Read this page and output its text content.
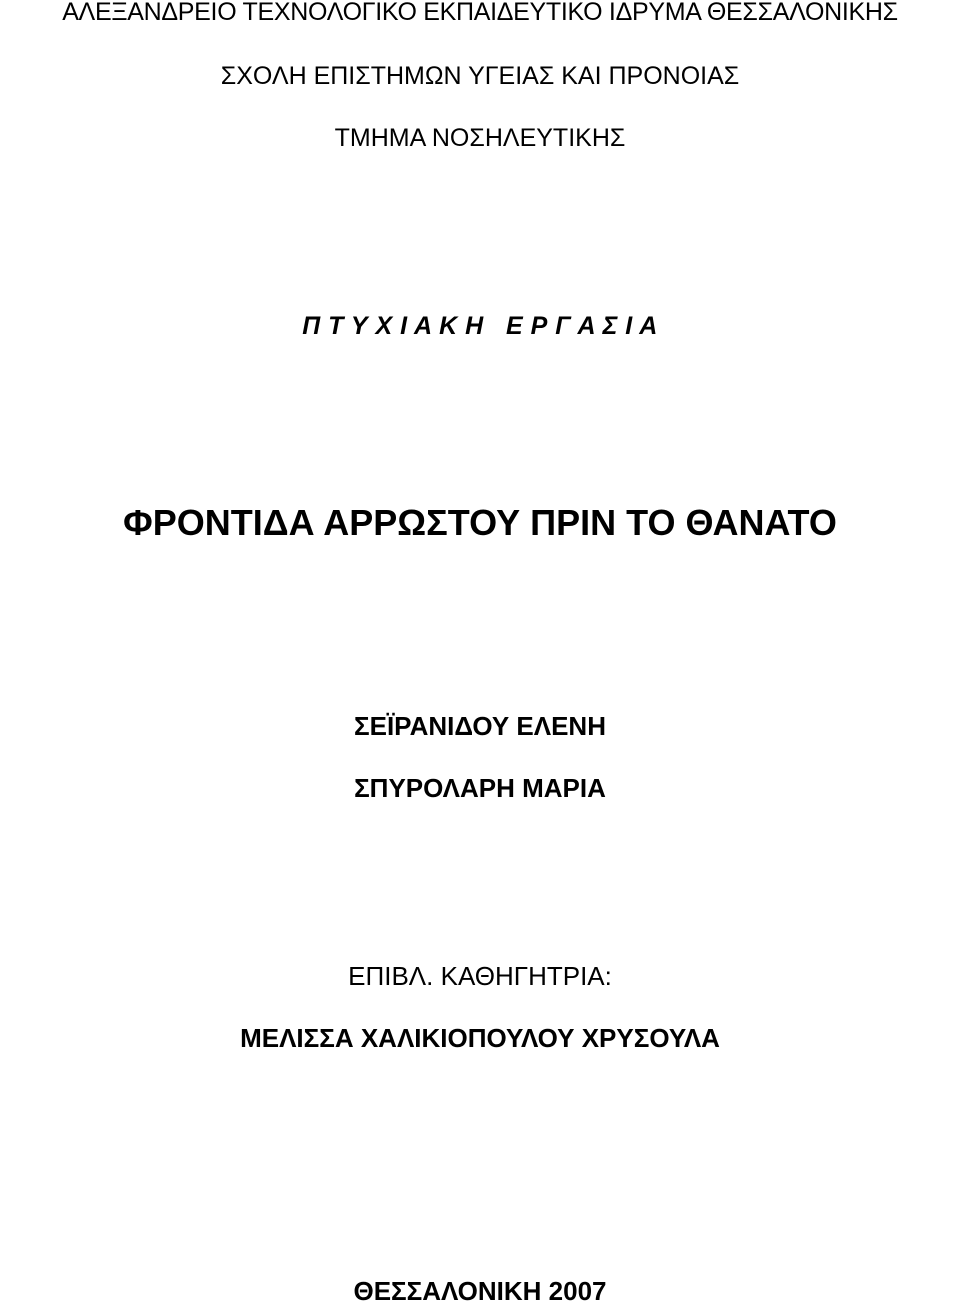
ΑΛΕΞΑΝΔΡΕΙΟ ΤΕΧΝΟΛΟΓΙΚΟ ΕΚΠΑΙΔΕΥΤΙΚΟ ΙΔΡΥΜΑ ΘΕΣΣΑΛΟΝΙΚΗΣ
ΣΧΟΛΗ ΕΠΙΣΤΗΜΩΝ ΥΓΕΙΑΣ ΚΑΙ ΠΡΟΝΟΙΑΣ
ΤΜΗΜΑ ΝΟΣΗΛΕΥΤΙΚΗΣ
Π Τ Υ Χ Ι Α Κ Η   Ε Ρ Γ Α Σ Ι Α
ΦΡΟΝΤΙΔΑ ΑΡΡΩΣΤΟΥ ΠΡΙΝ ΤΟ ΘΑΝΑΤΟ
ΣΕΪΡΑΝΙΔΟΥ ΕΛΕΝΗ
ΣΠΥΡΟΛΑΡΗ ΜΑΡΙΑ
ΕΠΙΒΛ. ΚΑΘΗΓΗΤΡΙΑ:
ΜΕΛΙΣΣΑ ΧΑΛΙΚΙΟΠΟΥΛΟΥ ΧΡΥΣΟΥΛΑ
ΘΕΣΣΑΛΟΝΙΚΗ 2007
